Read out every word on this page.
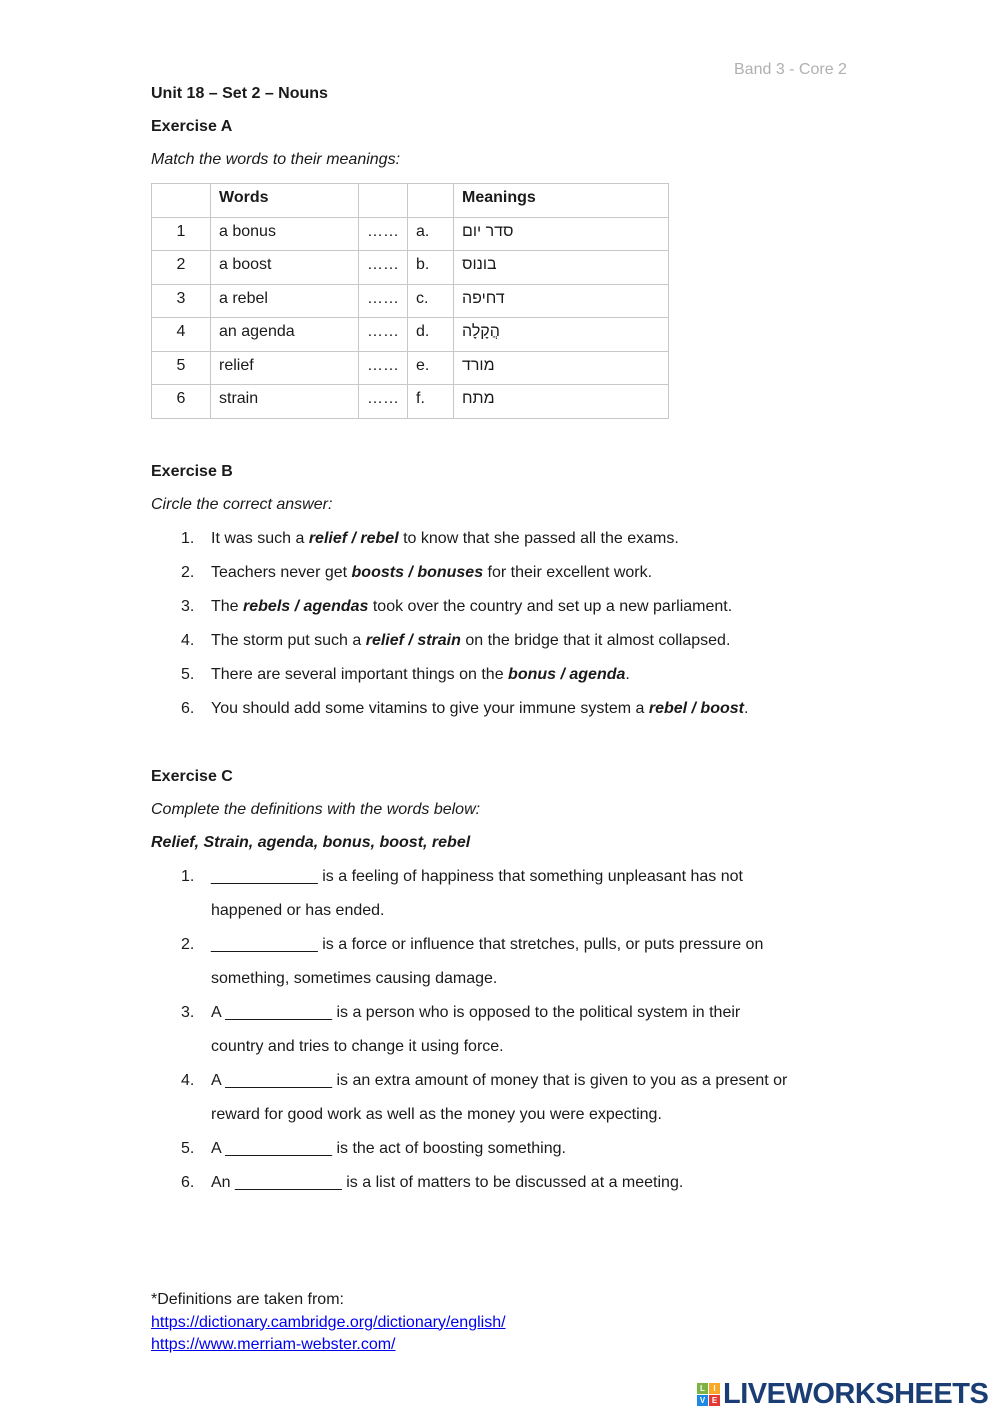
Band 3 - Core 2
Unit 18 – Set 2 – Nouns
Exercise A
Match the words to their meanings:
	Words			Meanings
1	a bonus	……	a.	סדר יום
2	a boost	……	b.	בונוס
3	a rebel	……	c.	דחיפה
4	an agenda	……	d.	הֲקָלָה
5	relief	……	e.	מורד
6	strain	……	f.	מתח
Exercise B
Circle the correct answer:
1. It was such a relief / rebel to know that she passed all the exams.
2. Teachers never get boosts / bonuses for their excellent work.
3. The rebels / agendas took over the country and set up a new parliament.
4. The storm put such a relief / strain on the bridge that it almost collapsed.
5. There are several important things on the bonus / agenda.
6. You should add some vitamins to give your immune system a rebel / boost.
Exercise C
Complete the definitions with the words below:
Relief, Strain, agenda, bonus, boost, rebel
1. ____________ is a feeling of happiness that something unpleasant has not happened or has ended.
2. ____________ is a force or influence that stretches, pulls, or puts pressure on something, sometimes causing damage.
3. A ____________ is a person who is opposed to the political system in their country and tries to change it using force.
4. A ____________ is an extra amount of money that is given to you as a present or reward for good work as well as the money you were expecting.
5. A ____________ is the act of boosting something.
6. An ____________ is a list of matters to be discussed at a meeting.
*Definitions are taken from:
https://dictionary.cambridge.org/dictionary/english/
https://www.merriam-webster.com/
L	I
V E LIVEWORKSHEETS
